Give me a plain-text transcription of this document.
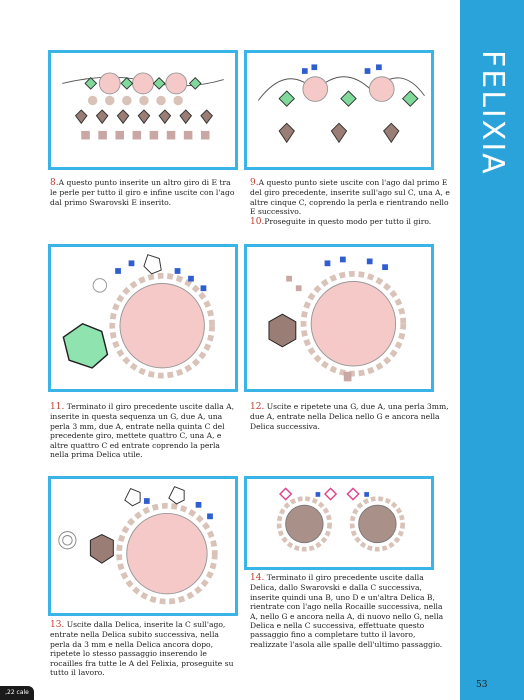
FELIXIA
8.A questo punto inserite un altro giro di E tra le perle per tutto il giro e infine uscite con l'ago dal primo Swarovski E inserito.
9.A questo punto siete uscite con l'ago dal primo E del giro precedente, inserite sull'ago sul C, una A, e altre cinque C, coprendo la perla e rientrando nello E successivo.
10.Proseguite in questo modo per tutto il giro.
11. Terminato il giro precedente uscite dalla A, inserite in questa sequenza un G, due A, una perla 3 mm, due A, entrate nella quinta C del precedente giro, mettete quattro C, una A, e altre quattro C ed entrate coprendo la perla nella prima Delica utile.
12. Uscite e ripetete una G, due A, una perla 3mm, due A, entrate nella Delica nello G e ancora nella Delica successiva.
13. Uscite dalla Delica, inserite la C sull'ago, entrate nella Delica subito successiva, nella perla da 3 mm e nella Delica ancora dopo, ripetete lo stesso passaggio inserendo le rocailles fra tutte le A del Felixia, proseguite su tutto il lavoro.
14. Terminato il giro precedente uscite dalla Delica, dallo Swarovski e dalla C successiva, inserite quindi una B, uno D e un'altra Delica B, rientrate con l'ago nella Rocaille successiva, nella A, nello G e ancora nella A, di nuovo nello G, nella Delica e nella C successiva, effettuate questo passaggio fino a completare tutto il lavoro, realizzate l'asola alle spalle dell'ultimo passaggio.
53
,22 cale
